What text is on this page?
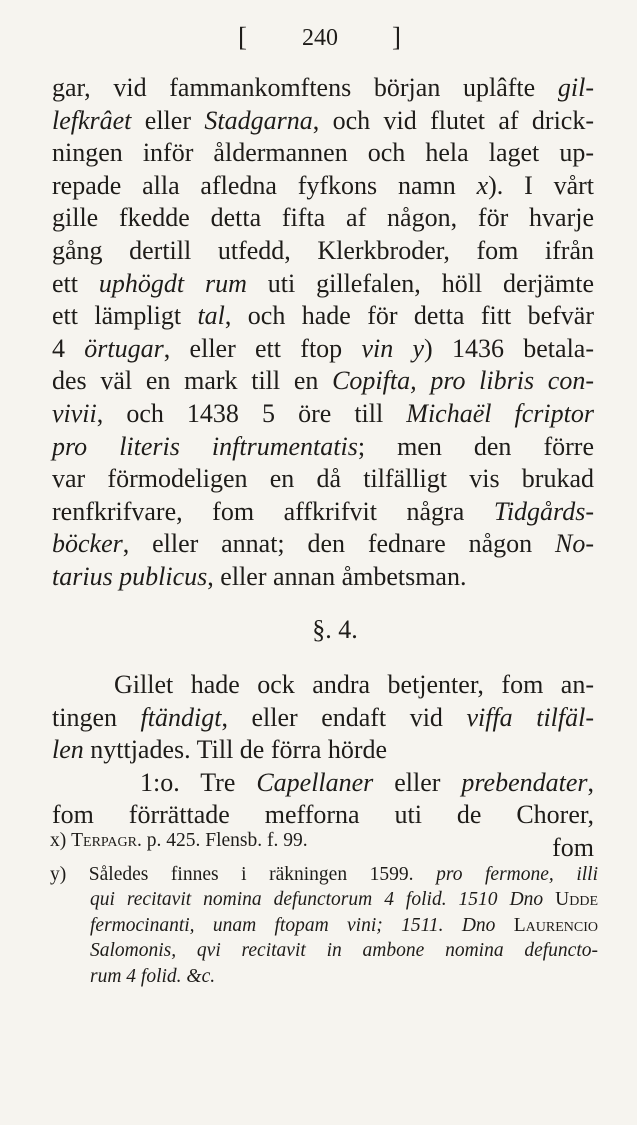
[ 240 ]
gar, vid fammankomftens början uplâfte gil-
lefkrâet eller Stadgarna, och vid flutet af drick-
ningen inför åldermannen och hela laget up-
repade alla afledna fyfkons namn x). I vårt
gille fkedde detta fifta af någon, för hvarje
gång dertill utfedd, Klerkbroder, fom ifrån
ett uphögdt rum uti gillefalen, höll derjämte
ett lämpligt tal, och hade för detta fitt befvär
4 örtugar, eller ett ftop vin y) 1436 betala-
des väl en mark till en Copifta, pro libris con-
vivii, och 1438 5 öre till Michaël fcriptor
pro literis inftrumentatis; men den förre
var förmodeligen en då tilfälligt vis brukad
renfkrifvare, fom affkrifvit några Tidgårds-
böcker, eller annat; den fednare någon No-
tarius publicus, eller annan åmbetsman.
§. 4.
Gillet hade ock andra betjenter, fom an-
tingen ftändigt, eller endaft vid viffa tilfäl-
len nyttjades. Till de förra hörde
1:o. Tre Capellaner eller prebendater,
fom förrättade mefforna uti de Chorer,
fom
x) Terpagr. p. 425. Flensb. f. 99.
y) Således finnes i räkningen 1599. pro fermone, illi
qui recitavit nomina defunctorum 4 folid. 1510 Dno Udde
fermocinanti, unam ftopam vini; 1511. Dno Laurencio
Salomonis, qvi recitavit in ambone nomina defuncto-
rum 4 folid. &c.
